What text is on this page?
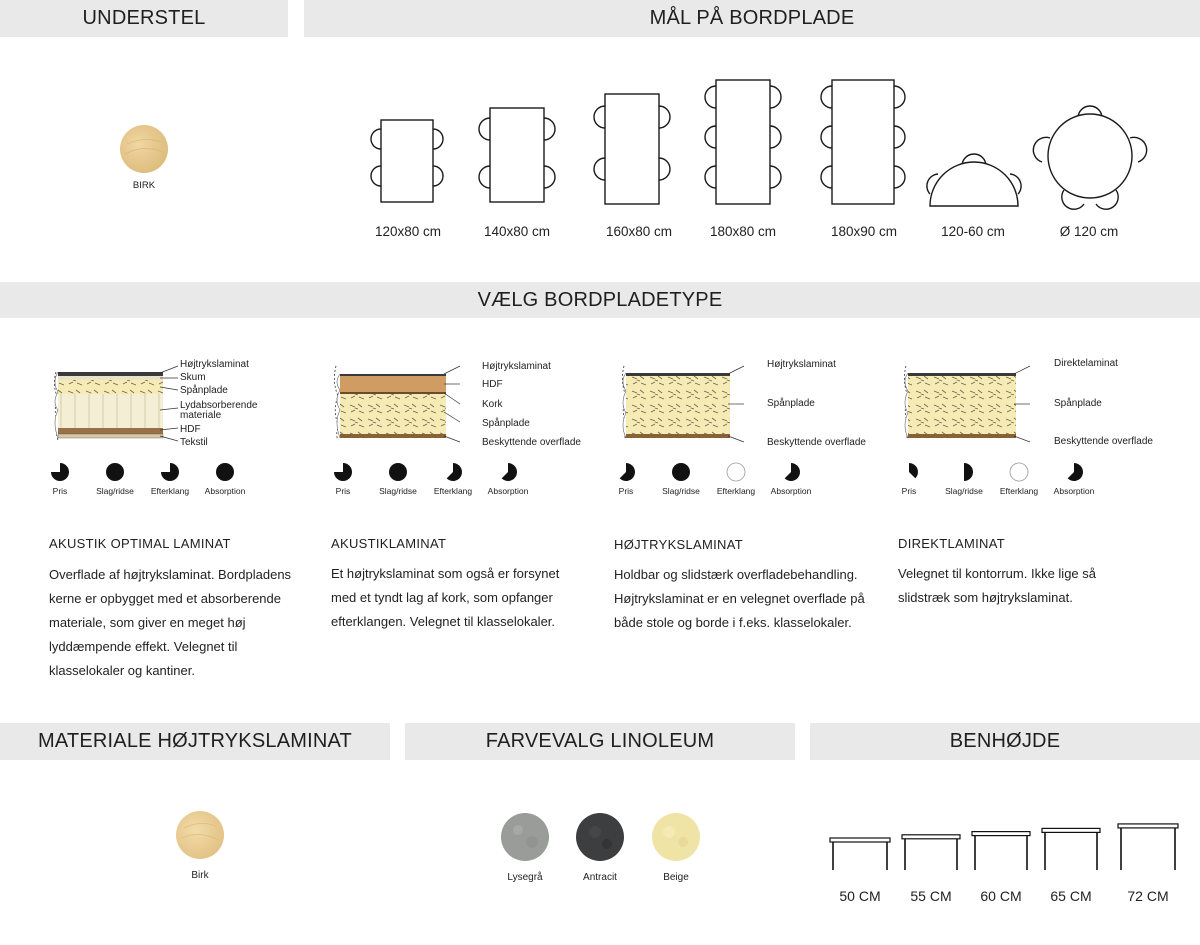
UNDERSTEL	MÅL PÅ BORDPLADE
VÆLG BORDPLADETYPE
MATERIALE HØJTRYKSLAMINAT	FARVEVALG LINOLEUM	BENHØJDE
BIRK
120x80 cm	140x80 cm	160x80 cm	180x80 cm	180x90 cm	120-60 cm	Ø 120 cm
Højtrykslaminat
Skum
Spånplade
Lydabsorberende
materiale
HDF
Tekstil
Højtrykslaminat
HDF
Kork
Spånplade
Beskyttende overflade
Højtrykslaminat
Spånplade
Beskyttende overflade
Direktelaminat
Spånplade
Beskyttende overflade
Pris	Slag/ridse	Efterklang	Absorption	Pris	Slag/ridse	Efterklang	Absorption	Pris	Slag/ridse	Efterklang	Absorption	Pris	Slag/ridse	Efterklang	Absorption
AKUSTIK OPTIMAL LAMINAT	AKUSTIKLAMINAT	HØJTRYKSLAMINAT	DIREKTLAMINAT
Overflade af højtrykslaminat. Bordpladens
kerne er opbygget med et absorberende
materiale, som giver en meget høj
lyddæmpende effekt. Velegnet til
klasselokaler og kantiner.
Et højtrykslaminat som også er forsynet
med et tyndt lag af kork, som opfanger
efterklangen. Velegnet til klasselokaler.
Holdbar og slidstærk overfladebehandling.
Højtrykslaminat er en velegnet overflade på
både stole og borde i f.eks. klasselokaler.
Velegnet til kontorrum. Ikke lige så
slidstræk som højtrykslaminat.
Birk	Lysegrå	Antracit	Beige
50 CM	55 CM	60 CM	65 CM	72 CM
